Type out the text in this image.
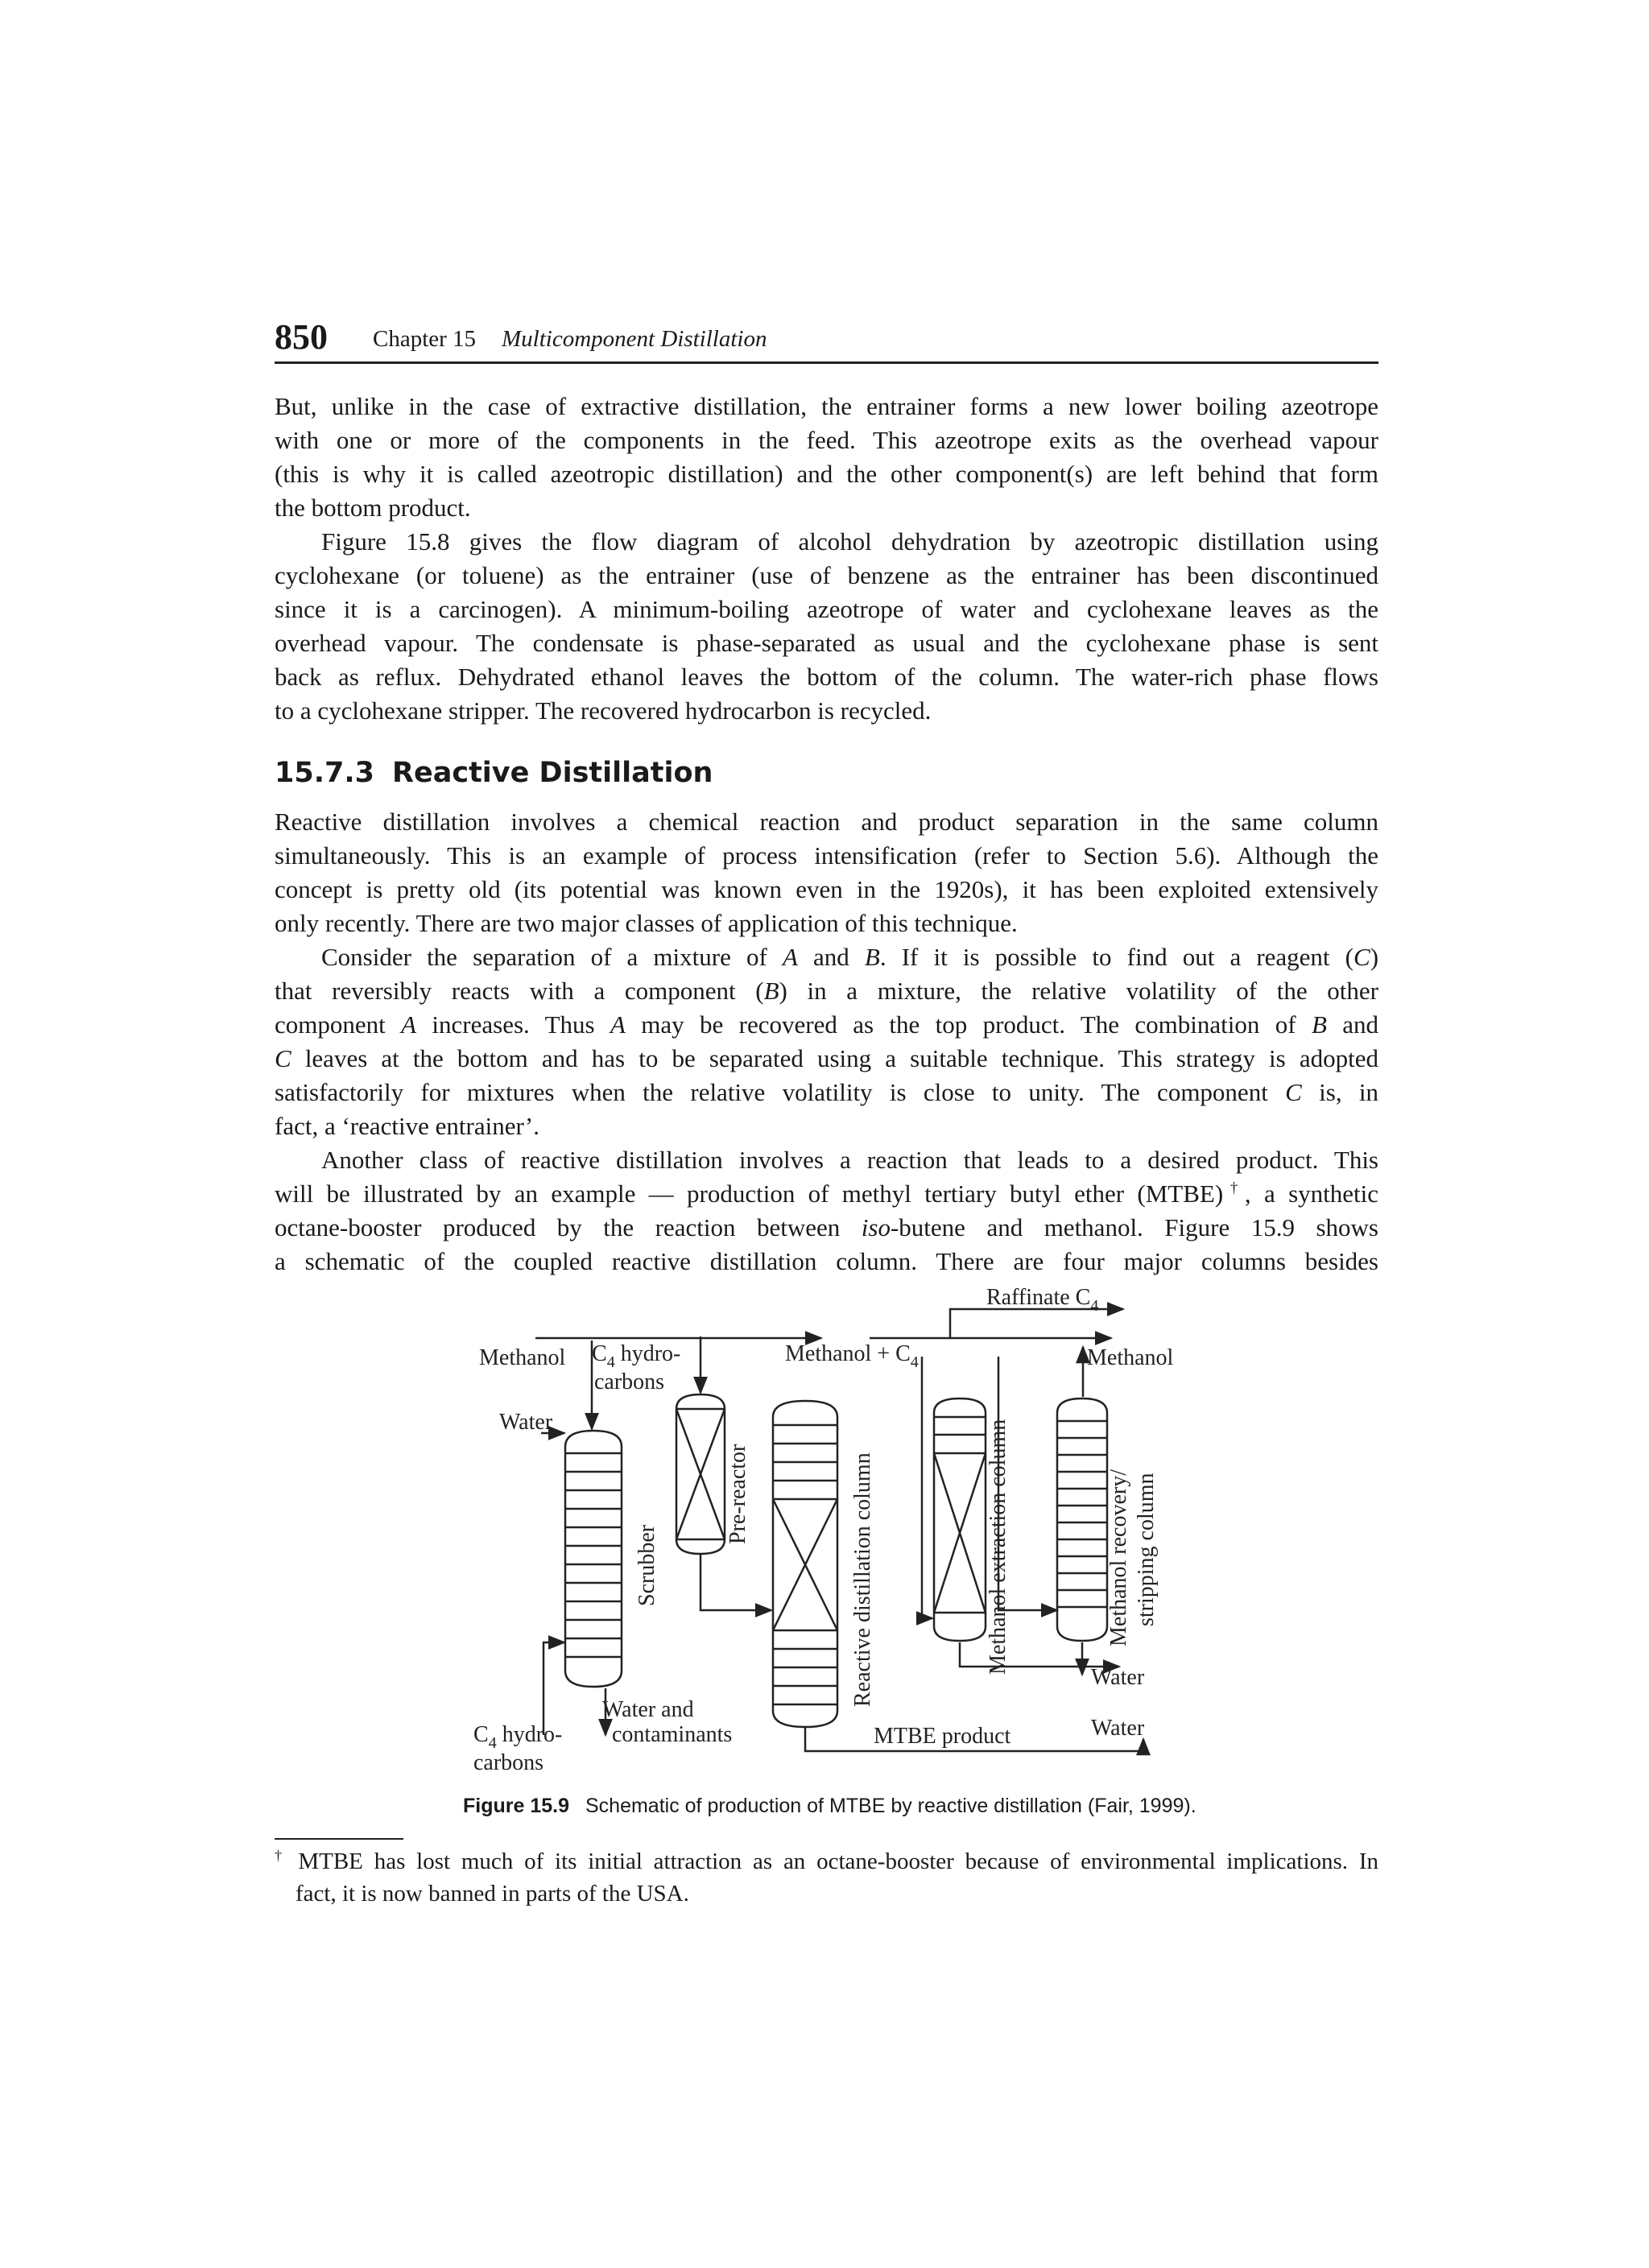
850 Chapter 15 Multicomponent Distillation
But, unlike in the case of extractive distillation, the entrainer forms a new lower boiling azeotrope
with one or more of the components in the feed. This azeotrope exits as the overhead vapour
(this is why it is called azeotropic distillation) and the other component(s) are left behind that form
the bottom product.
Figure 15.8 gives the flow diagram of alcohol dehydration by azeotropic distillation using
cyclohexane (or toluene) as the entrainer (use of benzene as the entrainer has been discontinued
since it is a carcinogen). A minimum-boiling azeotrope of water and cyclohexane leaves as the
overhead vapour. The condensate is phase-separated as usual and the cyclohexane phase is sent
back as reflux. Dehydrated ethanol leaves the bottom of the column. The water-rich phase flows
to a cyclohexane stripper. The recovered hydrocarbon is recycled.
15.7.3 Reactive Distillation
Reactive distillation involves a chemical reaction and product separation in the same column
simultaneously. This is an example of process intensification (refer to Section 5.6). Although the
concept is pretty old (its potential was known even in the 1920s), it has been exploited extensively
only recently. There are two major classes of application of this technique.
Consider the separation of a mixture of A and B. If it is possible to find out a reagent (C)
that reversibly reacts with a component (B) in a mixture, the relative volatility of the other
component A increases. Thus A may be recovered as the top product. The combination of B and
C leaves at the bottom and has to be separated using a suitable technique. This strategy is adopted
satisfactorily for mixtures when the relative volatility is close to unity. The component C is, in
fact, a ‘reactive entrainer’.
Another class of reactive distillation involves a reaction that leads to a desired product. This
will be illustrated by an example — production of methyl tertiary butyl ether (MTBE)†, a synthetic
octane-booster produced by the reaction between iso-butene and methanol. Figure 15.9 shows
a schematic of the coupled reactive distillation column. There are four major columns besides
Raffinate $C_4$
Methanol $C_4$ hydro-
carbons
Methanol + $C_4$	Methanol
Water
Scrubber
Pre-reactor	Reactive distillation column	Methanol extraction column	Methanol recovery/ stripping column
Water
Water and
contaminants
$C_4$ hydro-
carbons
MTBE product	Water
Figure 15.9 Schematic of production of MTBE by reactive distillation (Fair, 1999).
† MTBE has lost much of its initial attraction as an octane-booster because of environmental implications. In
fact, it is now banned in parts of the USA.
